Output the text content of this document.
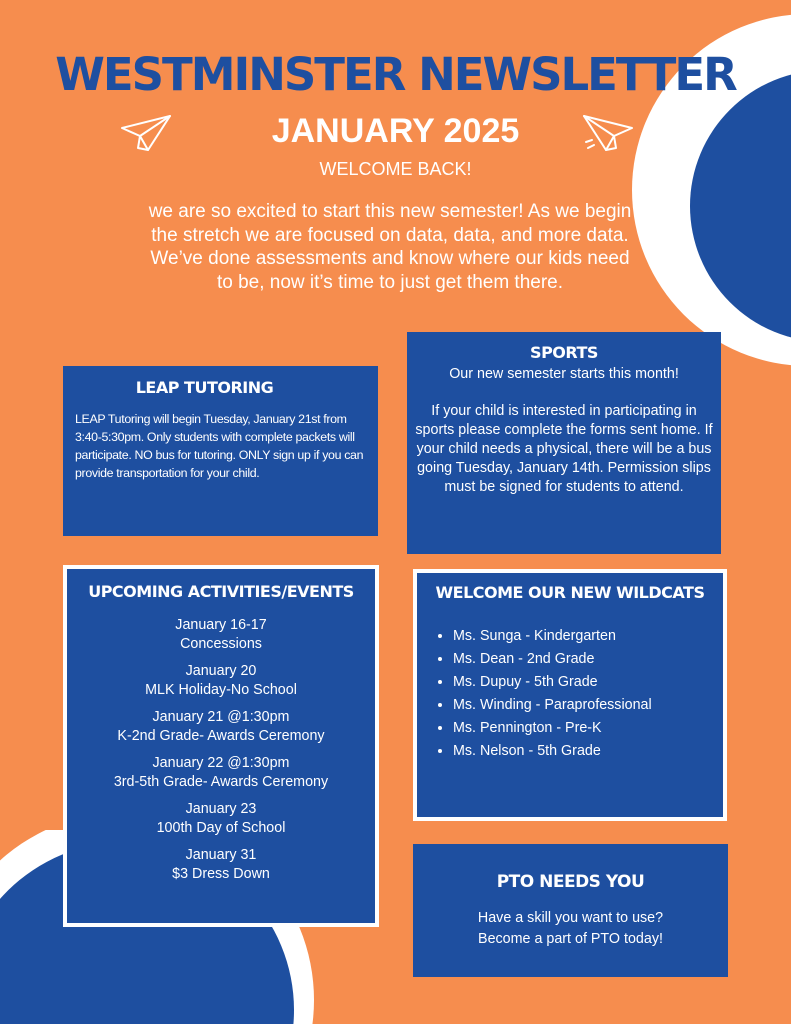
WESTMINSTER NEWSLETTER
JANUARY 2025

WELCOME BACK!

we are so excited to start this new semester! As we begin the stretch we are focused on data, data, and more data. We’ve done assessments and know where our kids need to be, now it’s time to just get them there.

LEAP TUTORING

LEAP Tutoring will begin Tuesday, January 21st from 3:40-5:30pm. Only students with complete packets will participate. NO bus for tutoring. ONLY sign up if you can provide transportation for your child.

SPORTS

Our new semester starts this month!

If your child is interested in participating in sports please complete the forms sent home. If your child needs a physical, there will be a bus going Tuesday, January 14th. Permission slips must be signed for students to attend.

UPCOMING ACTIVITIES/EVENTS
January 16-17
Concessions
January 20
MLK Holiday-No School
January 21 @1:30pm
K-2nd Grade- Awards Ceremony
January 22 @1:30pm
3rd-5th Grade- Awards Ceremony
January 23
100th Day of School
January 31
$3 Dress Down
WELCOME OUR NEW WILDCATS
• Ms. Sunga - Kindergarten
• Ms. Dean - 2nd Grade
• Ms. Dupuy - 5th Grade
• Ms. Winding - Paraprofessional
• Ms. Pennington - Pre-K
• Ms. Nelson - 5th Grade
PTO NEEDS YOU

Have a skill you want to use?

Become a part of PTO today!
